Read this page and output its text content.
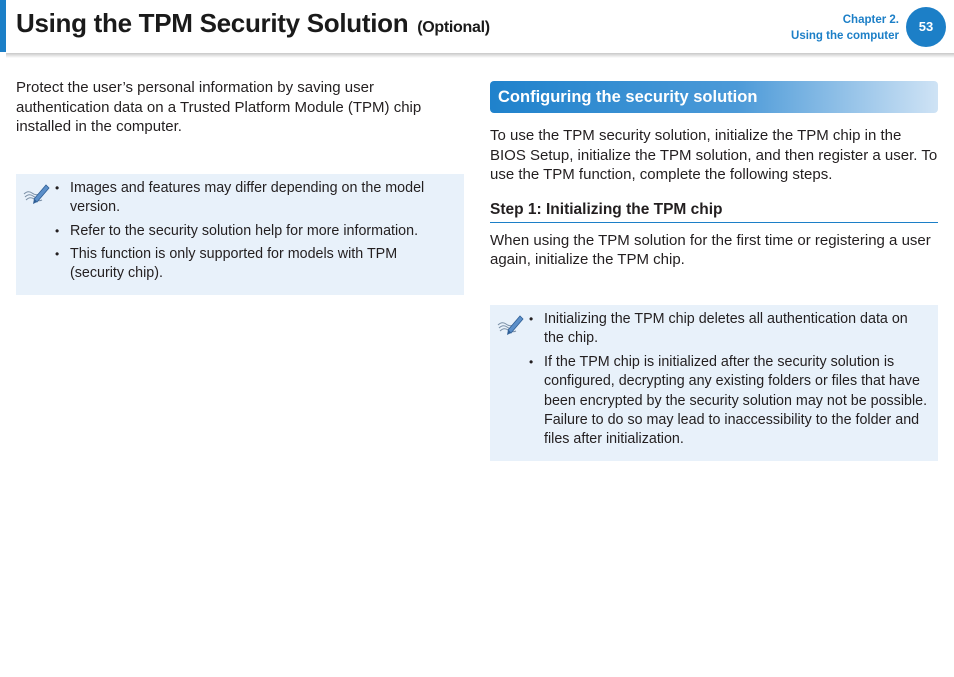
Using the TPM Security Solution (Optional)	Chapter 2.
Using the computer
53

Protect the user’s personal information by saving user authentication data on a Trusted Platform Module (TPM) chip installed in the computer.

• Images and features may differ depending on the model version.
• Refer to the security solution help for more information.
• This function is only supported for models with TPM (security chip).
Configuring the security solution

To use the TPM security solution, initialize the TPM chip in the BIOS Setup, initialize the TPM solution, and then register a user. To use the TPM function, complete the following steps.

Step 1: Initializing the TPM chip

When using the TPM solution for the first time or registering a user again, initialize the TPM chip.

• Initializing the TPM chip deletes all authentication data on the chip.
• If the TPM chip is initialized after the security solution is configured, decrypting any existing folders or files that have been encrypted by the security solution may not be possible. Failure to do so may lead to inaccessibility to the folder and files after initialization.
